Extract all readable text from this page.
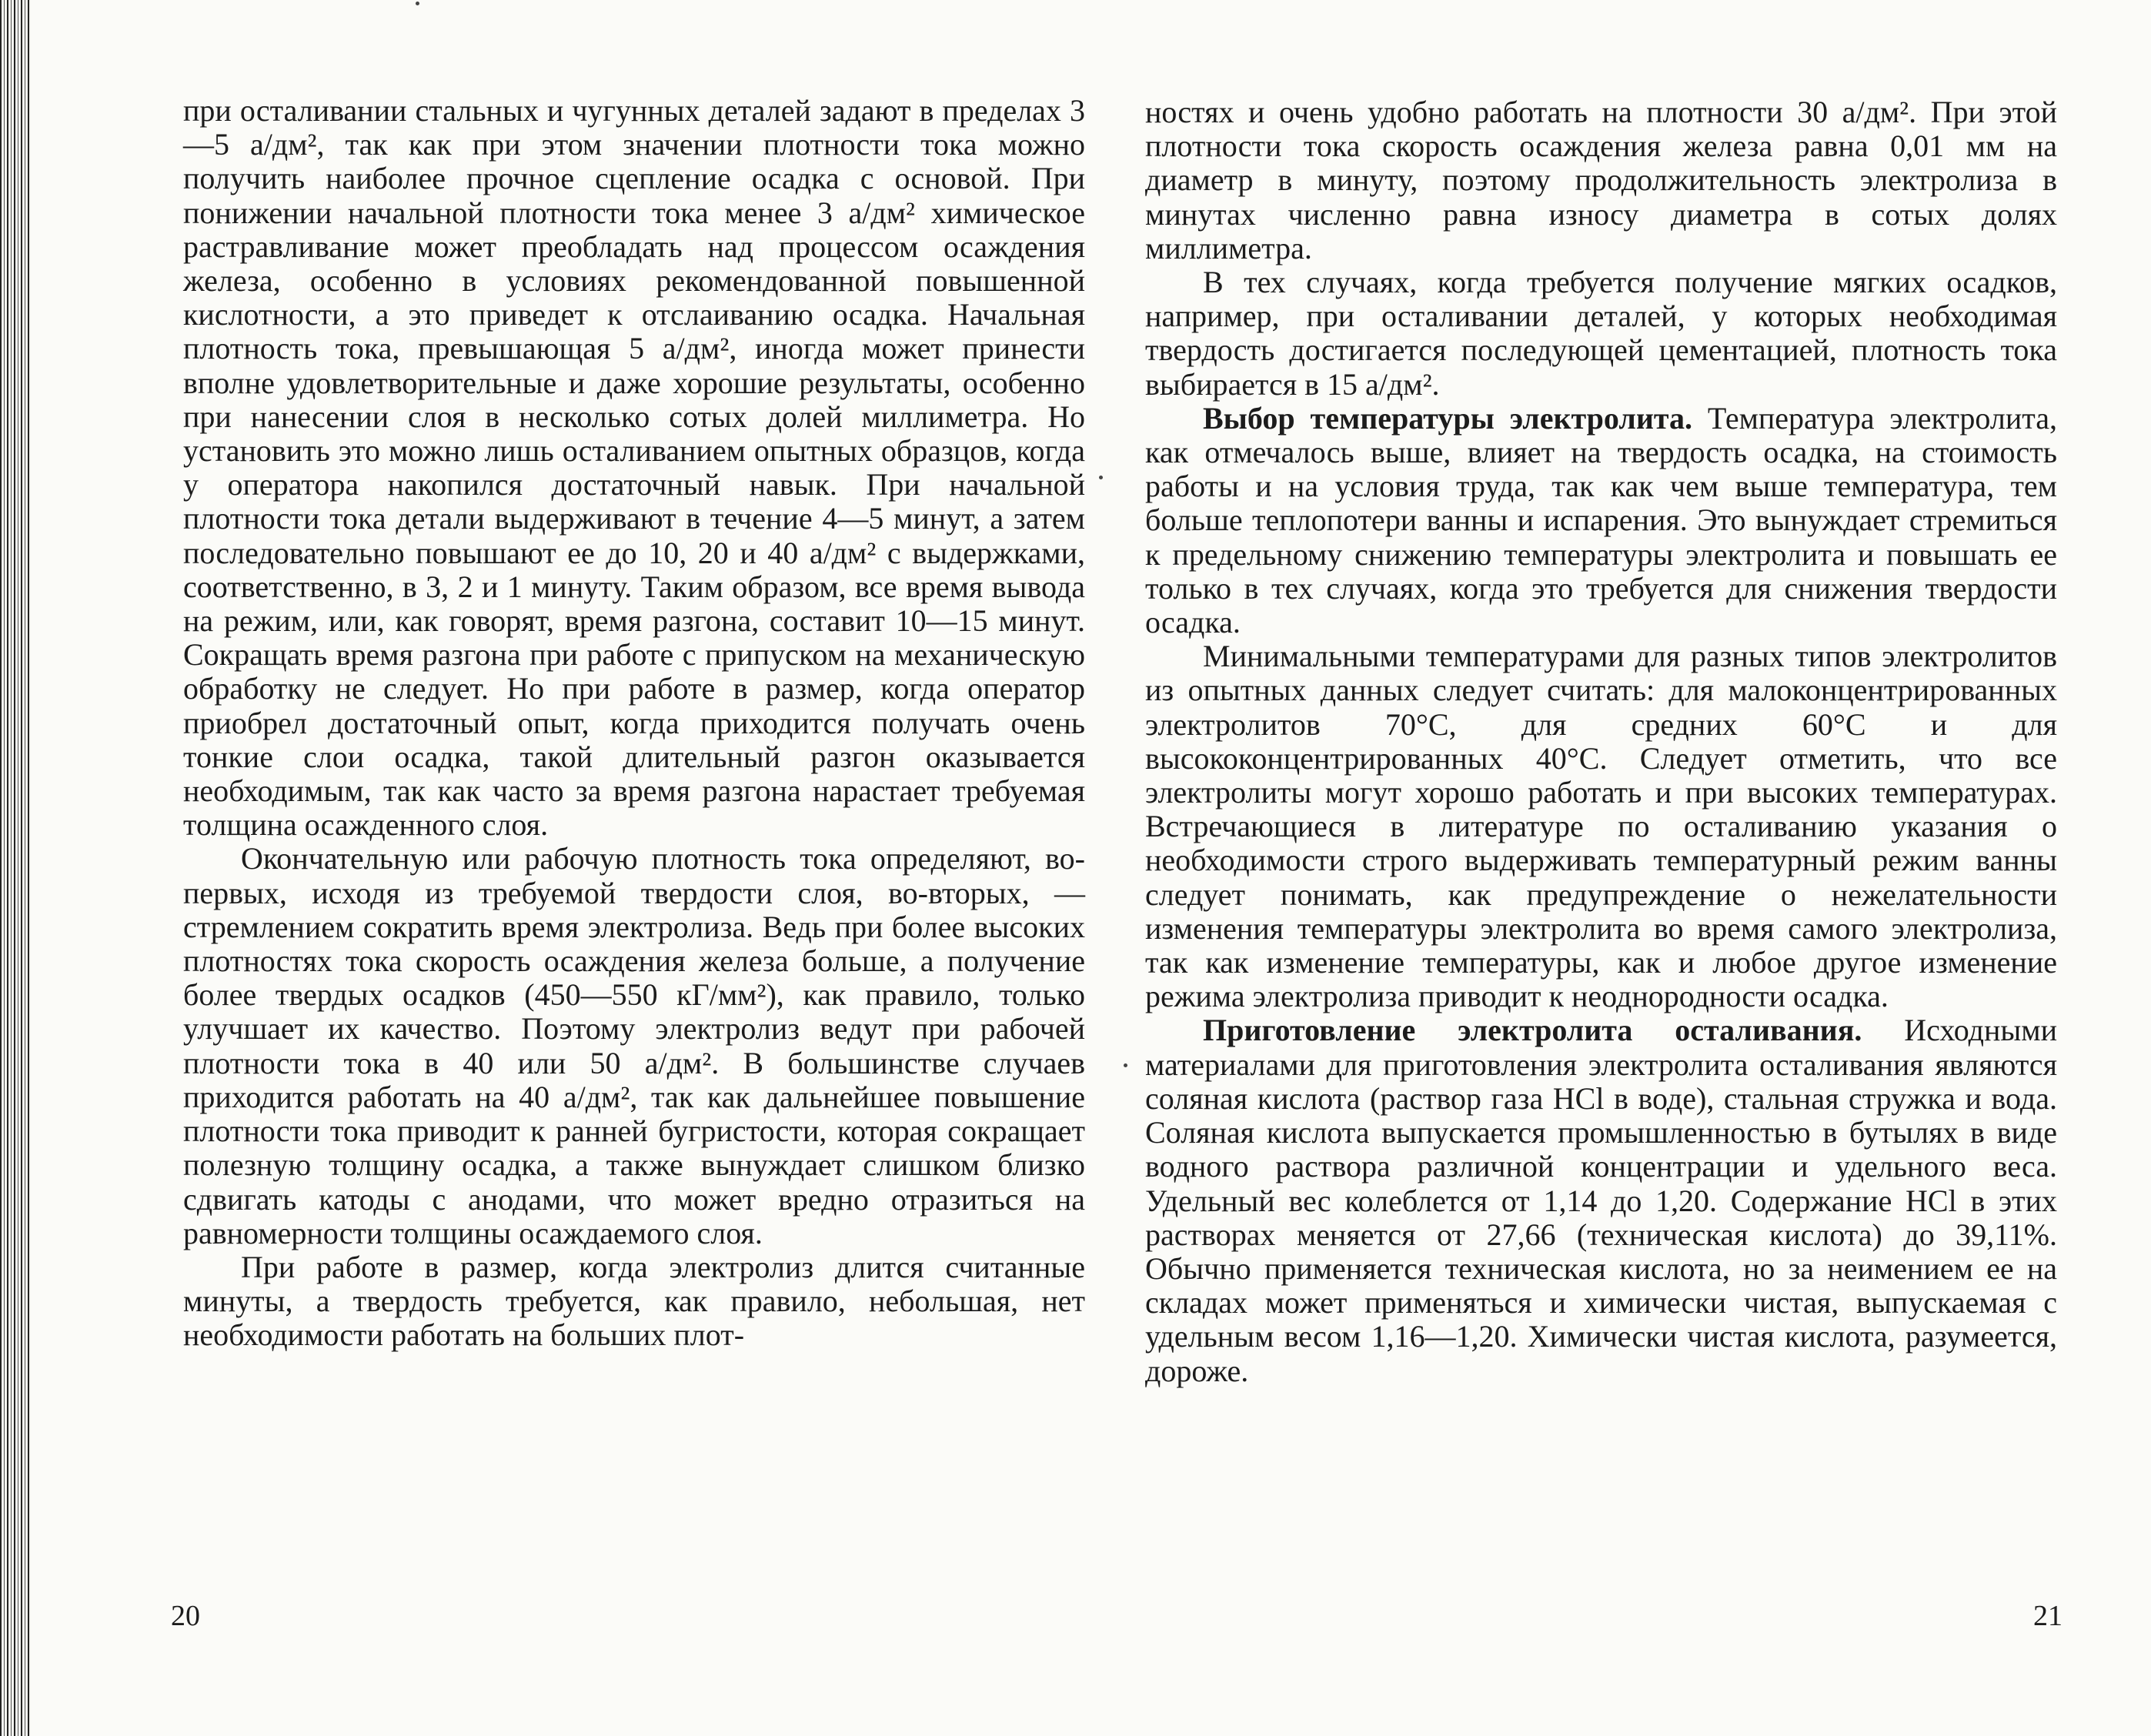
при осталивании стальных и чугунных деталей задают в пределах 3—5 а/дм², так как при этом значении плотности тока можно получить наиболее прочное сцепление осадка с основой. При понижении начальной плотности тока менее 3 а/дм² химическое растравливание может преобладать над процессом осаждения железа, особенно в условиях рекомендованной повышенной кислотности, а это приведет к отслаиванию осадка. Начальная плотность тока, превышающая 5 а/дм², иногда может принести вполне удовлетворительные и даже хорошие результаты, особенно при нанесении слоя в несколько сотых долей миллиметра. Но установить это можно лишь осталиванием опытных образцов, когда у оператора накопился достаточный навык. При начальной плотности тока детали выдерживают в течение 4—5 минут, а затем последовательно повышают ее до 10, 20 и 40 а/дм² с выдержками, соответственно, в 3, 2 и 1 минуту. Таким образом, все время вывода на режим, или, как говорят, время разгона, составит 10—15 минут. Сокращать время разгона при работе с припуском на механическую обработку не следует. Но при работе в размер, когда оператор приобрел достаточный опыт, когда приходится получать очень тонкие слои осадка, такой длительный разгон оказывается необходимым, так как часто за время разгона нарастает требуемая толщина осажденного слоя.

Окончательную или рабочую плотность тока определяют, во-первых, исходя из требуемой твердости слоя, во-вторых, — стремлением сократить время электролиза. Ведь при более высоких плотностях тока скорость осаждения железа больше, а получение более твердых осадков (450—550 кГ/мм²), как правило, только улучшает их качество. Поэтому электролиз ведут при рабочей плотности тока в 40 или 50 а/дм². В большинстве случаев приходится работать на 40 а/дм², так как дальнейшее повышение плотности тока приводит к ранней бугристости, которая сокращает полезную толщину осадка, а также вынуждает слишком близко сдвигать катоды с анодами, что может вредно отразиться на равномерности толщины осаждаемого слоя.

При работе в размер, когда электролиз длится считанные минуты, а твердость требуется, как правило, небольшая, нет необходимости работать на больших плот-

20

ностях и очень удобно работать на плотности 30 а/дм². При этой плотности тока скорость осаждения железа равна 0,01 мм на диаметр в минуту, поэтому продолжительность электролиза в минутах численно равна износу диаметра в сотых долях миллиметра.

В тех случаях, когда требуется получение мягких осадков, например, при осталивании деталей, у которых необходимая твердость достигается последующей цементацией, плотность тока выбирается в 15 а/дм².

Выбор температуры электролита. Температура электролита, как отмечалось выше, влияет на твердость осадка, на стоимость работы и на условия труда, так как чем выше температура, тем больше теплопотери ванны и испарения. Это вынуждает стремиться к предельному снижению температуры электролита и повышать ее только в тех случаях, когда это требуется для снижения твердости осадка.

Минимальными температурами для разных типов электролитов из опытных данных следует считать: для малоконцентрированных электролитов 70°С, для средних 60°С и для высококонцентрированных 40°С. Следует отметить, что все электролиты могут хорошо работать и при высоких температурах. Встречающиеся в литературе по осталиванию указания о необходимости строго выдерживать температурный режим ванны следует понимать, как предупреждение о нежелательности изменения температуры электролита во время самого электролиза, так как изменение температуры, как и любое другое изменение режима электролиза приводит к неоднородности осадка.

Приготовление электролита осталивания. Исходными материалами для приготовления электролита осталивания являются соляная кислота (раствор газа HCl в воде), стальная стружка и вода. Соляная кислота выпускается промышленностью в бутылях в виде водного раствора различной концентрации и удельного веса. Удельный вес колеблется от 1,14 до 1,20. Содержание HCl в этих растворах меняется от 27,66 (техническая кислота) до 39,11%. Обычно применяется техническая кислота, но за неимением ее на складах может применяться и химически чистая, выпускаемая с удельным весом 1,16—1,20. Химически чистая кислота, разумеется, дороже.

21
